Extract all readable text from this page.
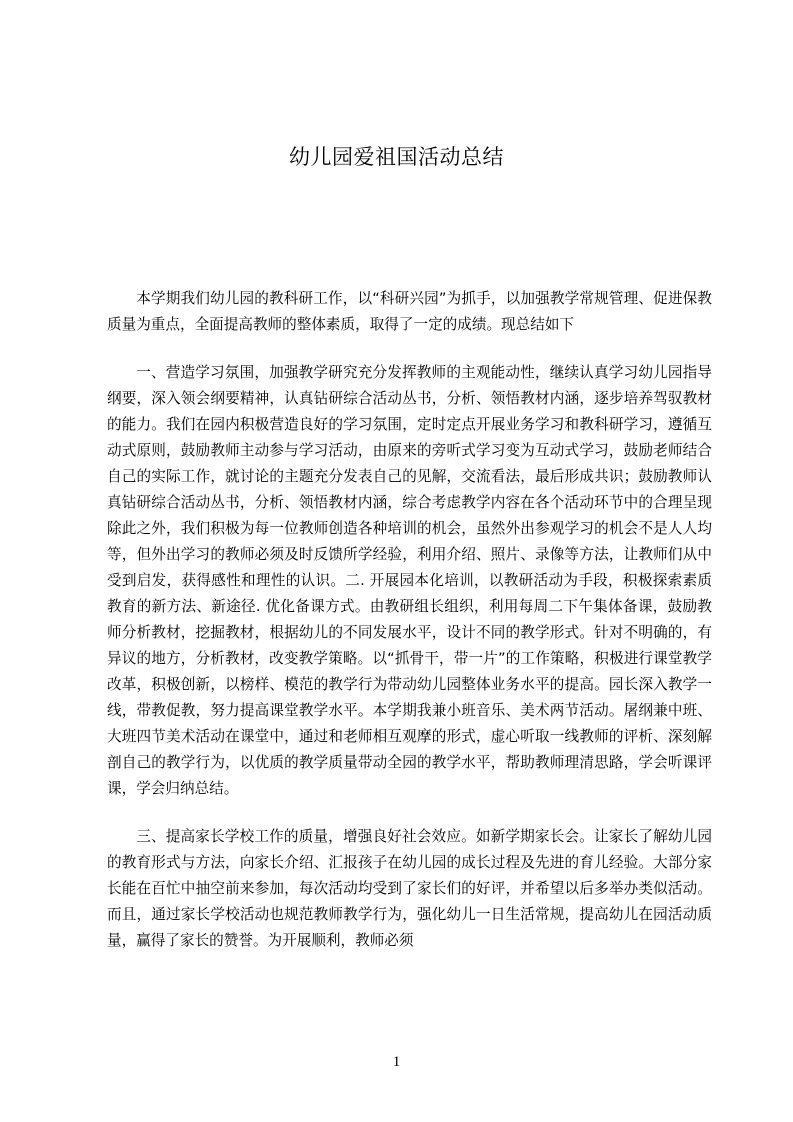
幼儿园爱祖国活动总结

本学期我们幼儿园的教科研工作，以“科研兴园”为抓手，以加强教学常规管理、促进保教质量为重点，全面提高教师的整体素质，取得了一定的成绩。现总结如下

一、营造学习氛围，加强教学研究充分发挥教师的主观能动性，继续认真学习幼儿园指导纲要，深入领会纲要精神，认真钻研综合活动丛书，分析、领悟教材内涵，逐步培养驾驭教材的能力。我们在园内积极营造良好的学习氛围，定时定点开展业务学习和教科研学习，遵循互动式原则，鼓励教师主动参与学习活动，由原来的旁听式学习变为互动式学习，鼓励老师结合自己的实际工作，就讨论的主题充分发表自己的见解，交流看法，最后形成共识；鼓励教师认真钻研综合活动丛书，分析、领悟教材内涵，综合考虑教学内容在各个活动环节中的合理呈现除此之外，我们积极为每一位教师创造各种培训的机会，虽然外出参观学习的机会不是人人均等，但外出学习的教师必须及时反馈所学经验，利用介绍、照片、录像等方法，让教师们从中受到启发，获得感性和理性的认识。二. 开展园本化培训，以教研活动为手段，积极探索素质教育的新方法、新途径. 优化备课方式。由教研组长组织，利用每周二下午集体备课，鼓励教师分析教材，挖掘教材，根据幼儿的不同发展水平，设计不同的教学形式。针对不明确的，有异议的地方，分析教材，改变教学策略。以“抓骨干，带一片”的工作策略，积极进行课堂教学改革，积极创新，以榜样、模范的教学行为带动幼儿园整体业务水平的提高。园长深入教学一线，带教促教，努力提高课堂教学水平。本学期我兼小班音乐、美术两节活动。屠纲兼中班、大班四节美术活动在课堂中，通过和老师相互观摩的形式，虚心听取一线教师的评析、深刻解剖自己的教学行为，以优质的教学质量带动全园的教学水平，帮助教师理清思路，学会听课评课，学会归纳总结。

三、提高家长学校工作的质量，增强良好社会效应。如新学期家长会。让家长了解幼儿园的教育形式与方法，向家长介绍、汇报孩子在幼儿园的成长过程及先进的育儿经验。大部分家长能在百忙中抽空前来参加，每次活动均受到了家长们的好评，并希望以后多举办类似活动。而且，通过家长学校活动也规范教师教学行为，强化幼儿一日生活常规，提高幼儿在园活动质量，赢得了家长的赞誉。为开展顺利，教师必须

1
